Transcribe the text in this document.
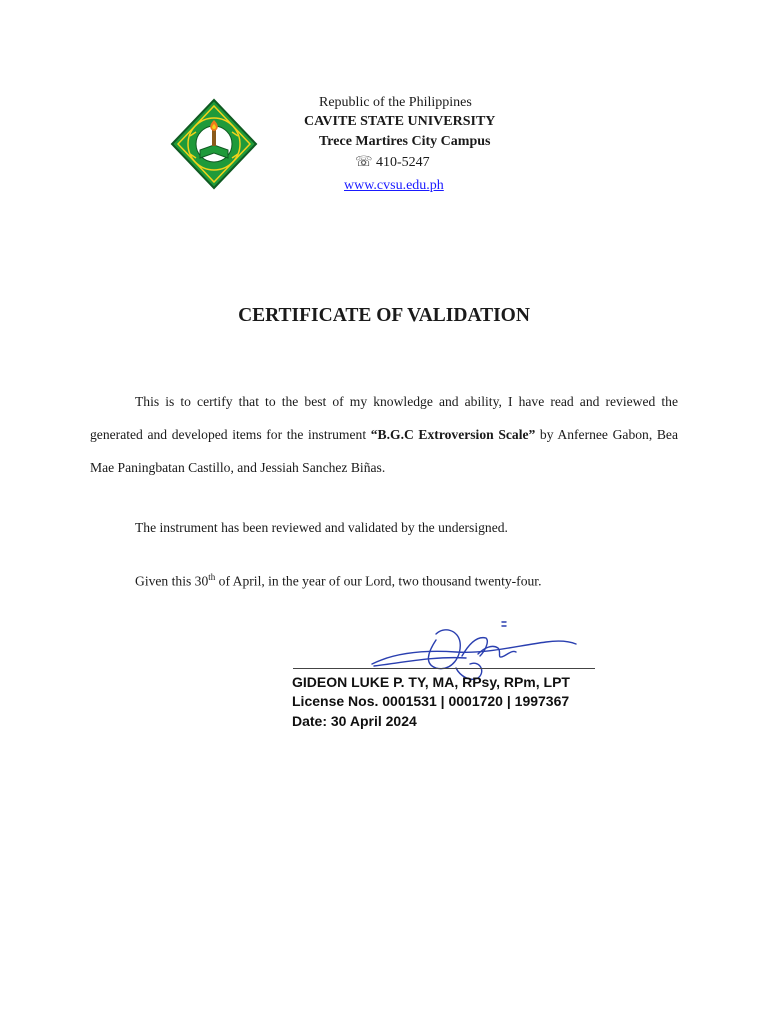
Republic of the Philippines
CAVITE STATE UNIVERSITY
Trece Martires City Campus
☏ 410-5247
www.cvsu.edu.ph
CERTIFICATE OF VALIDATION
This is to certify that to the best of my knowledge and ability, I have read and reviewed the generated and developed items for the instrument “B.G.C Extroversion Scale” by Anfernee Gabon, Bea Mae Paningbatan Castillo, and Jessiah Sanchez Biñas.
The instrument has been reviewed and validated by the undersigned.
Given this 30th of April, in the year of our Lord, two thousand twenty-four.
GIDEON LUKE P. TY, MA, RPsy, RPm, LPT
License Nos. 0001531 | 0001720 | 1997367
Date: 30 April 2024
